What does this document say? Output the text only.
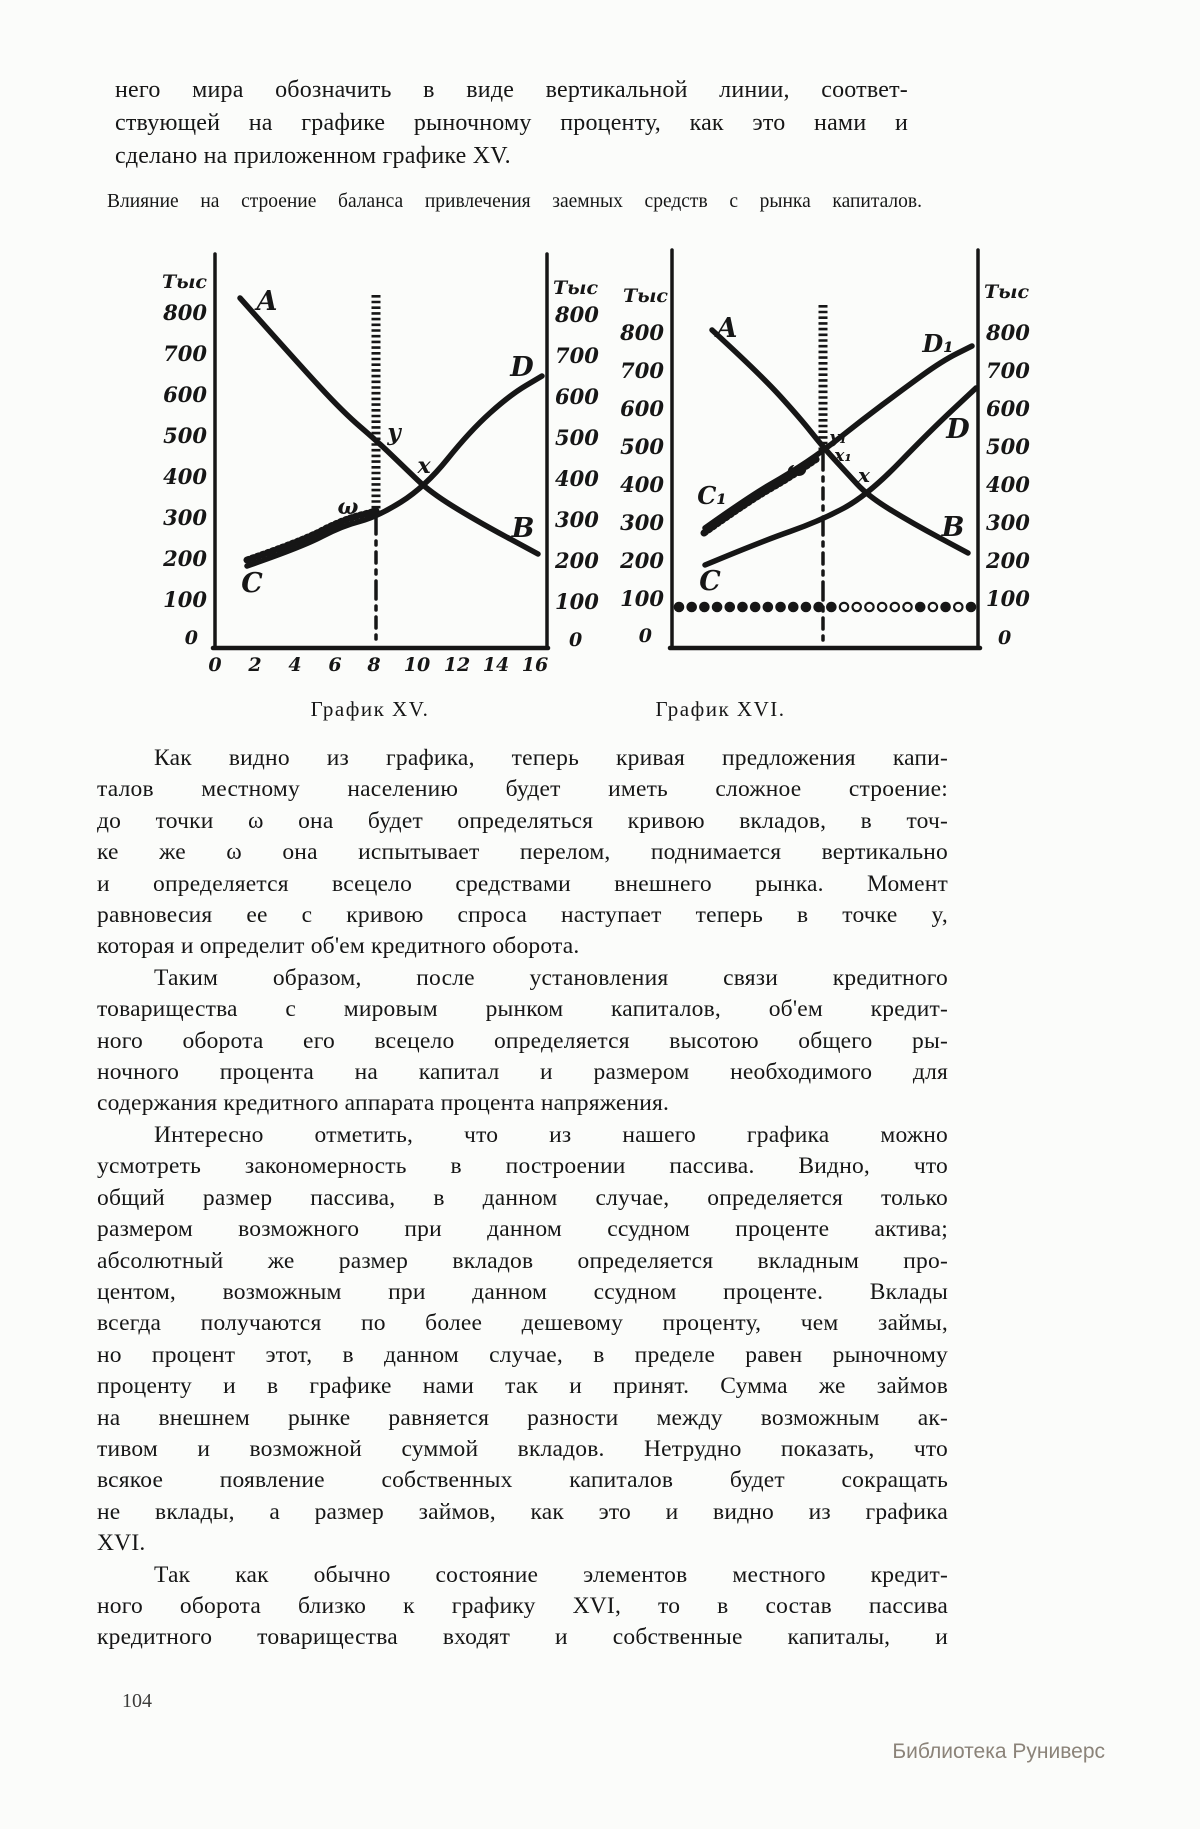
него мира обозначить в виде вертикальной линии, соответ-
ствующей на графике рыночному проценту, как это нами и
сделано на приложенном графике XV.
Влияние на строение баланса привлечения заемных средств с рынка капиталов.
Тыс
800
700
600
500
400
300
200
100
0
Тыс
800
700
600
500
400
300
200
100
0
0 2 4 6 8 10 12 14 16
A
B
C
D
ω
y
x
Тыс
800
700
600
500
400
300
200
100
0
Тыс
800
700
600
500
400
300
200
100
0
A
B
C₁
C
D₁
D
ω
y₁
x₁
x
График XV.	График XVI.
Как видно из графика, теперь кривая предложения капи-
талов местному населению будет иметь сложное строение:
до точки ω она будет определяться кривою вкладов, в точ-
ке же ω она испытывает перелом, поднимается вертикально
и определяется всецело средствами внешнего рынка. Момент
равновесия ее с кривою спроса наступает теперь в точке y,
которая и определит об'ем кредитного оборота.
Таким образом, после установления связи кредитного
товарищества с мировым рынком капиталов, об'ем кредит-
ного оборота его всецело определяется высотою общего ры-
ночного процента на капитал и размером необходимого для
содержания кредитного аппарата процента напряжения.
Интересно отметить, что из нашего графика можно
усмотреть закономерность в построении пассива. Видно, что
общий размер пассива, в данном случае, определяется только
размером возможного при данном ссудном проценте актива;
абсолютный же размер вкладов определяется вкладным про-
центом, возможным при данном ссудном проценте. Вклады
всегда получаются по более дешевому проценту, чем займы,
но процент этот, в данном случае, в пределе равен рыночному
проценту и в графике нами так и принят. Сумма же займов
на внешнем рынке равняется разности между возможным ак-
тивом и возможной суммой вкладов. Нетрудно показать, что
всякое появление собственных капиталов будет сокращать
не вклады, а размер займов, как это и видно из графика
XVI.
Так как обычно состояние элементов местного кредит-
ного оборота близко к графику XVI, то в состав пассива
кредитного товарищества входят и собственные капиталы, и
104
Библиотека Руниверс
